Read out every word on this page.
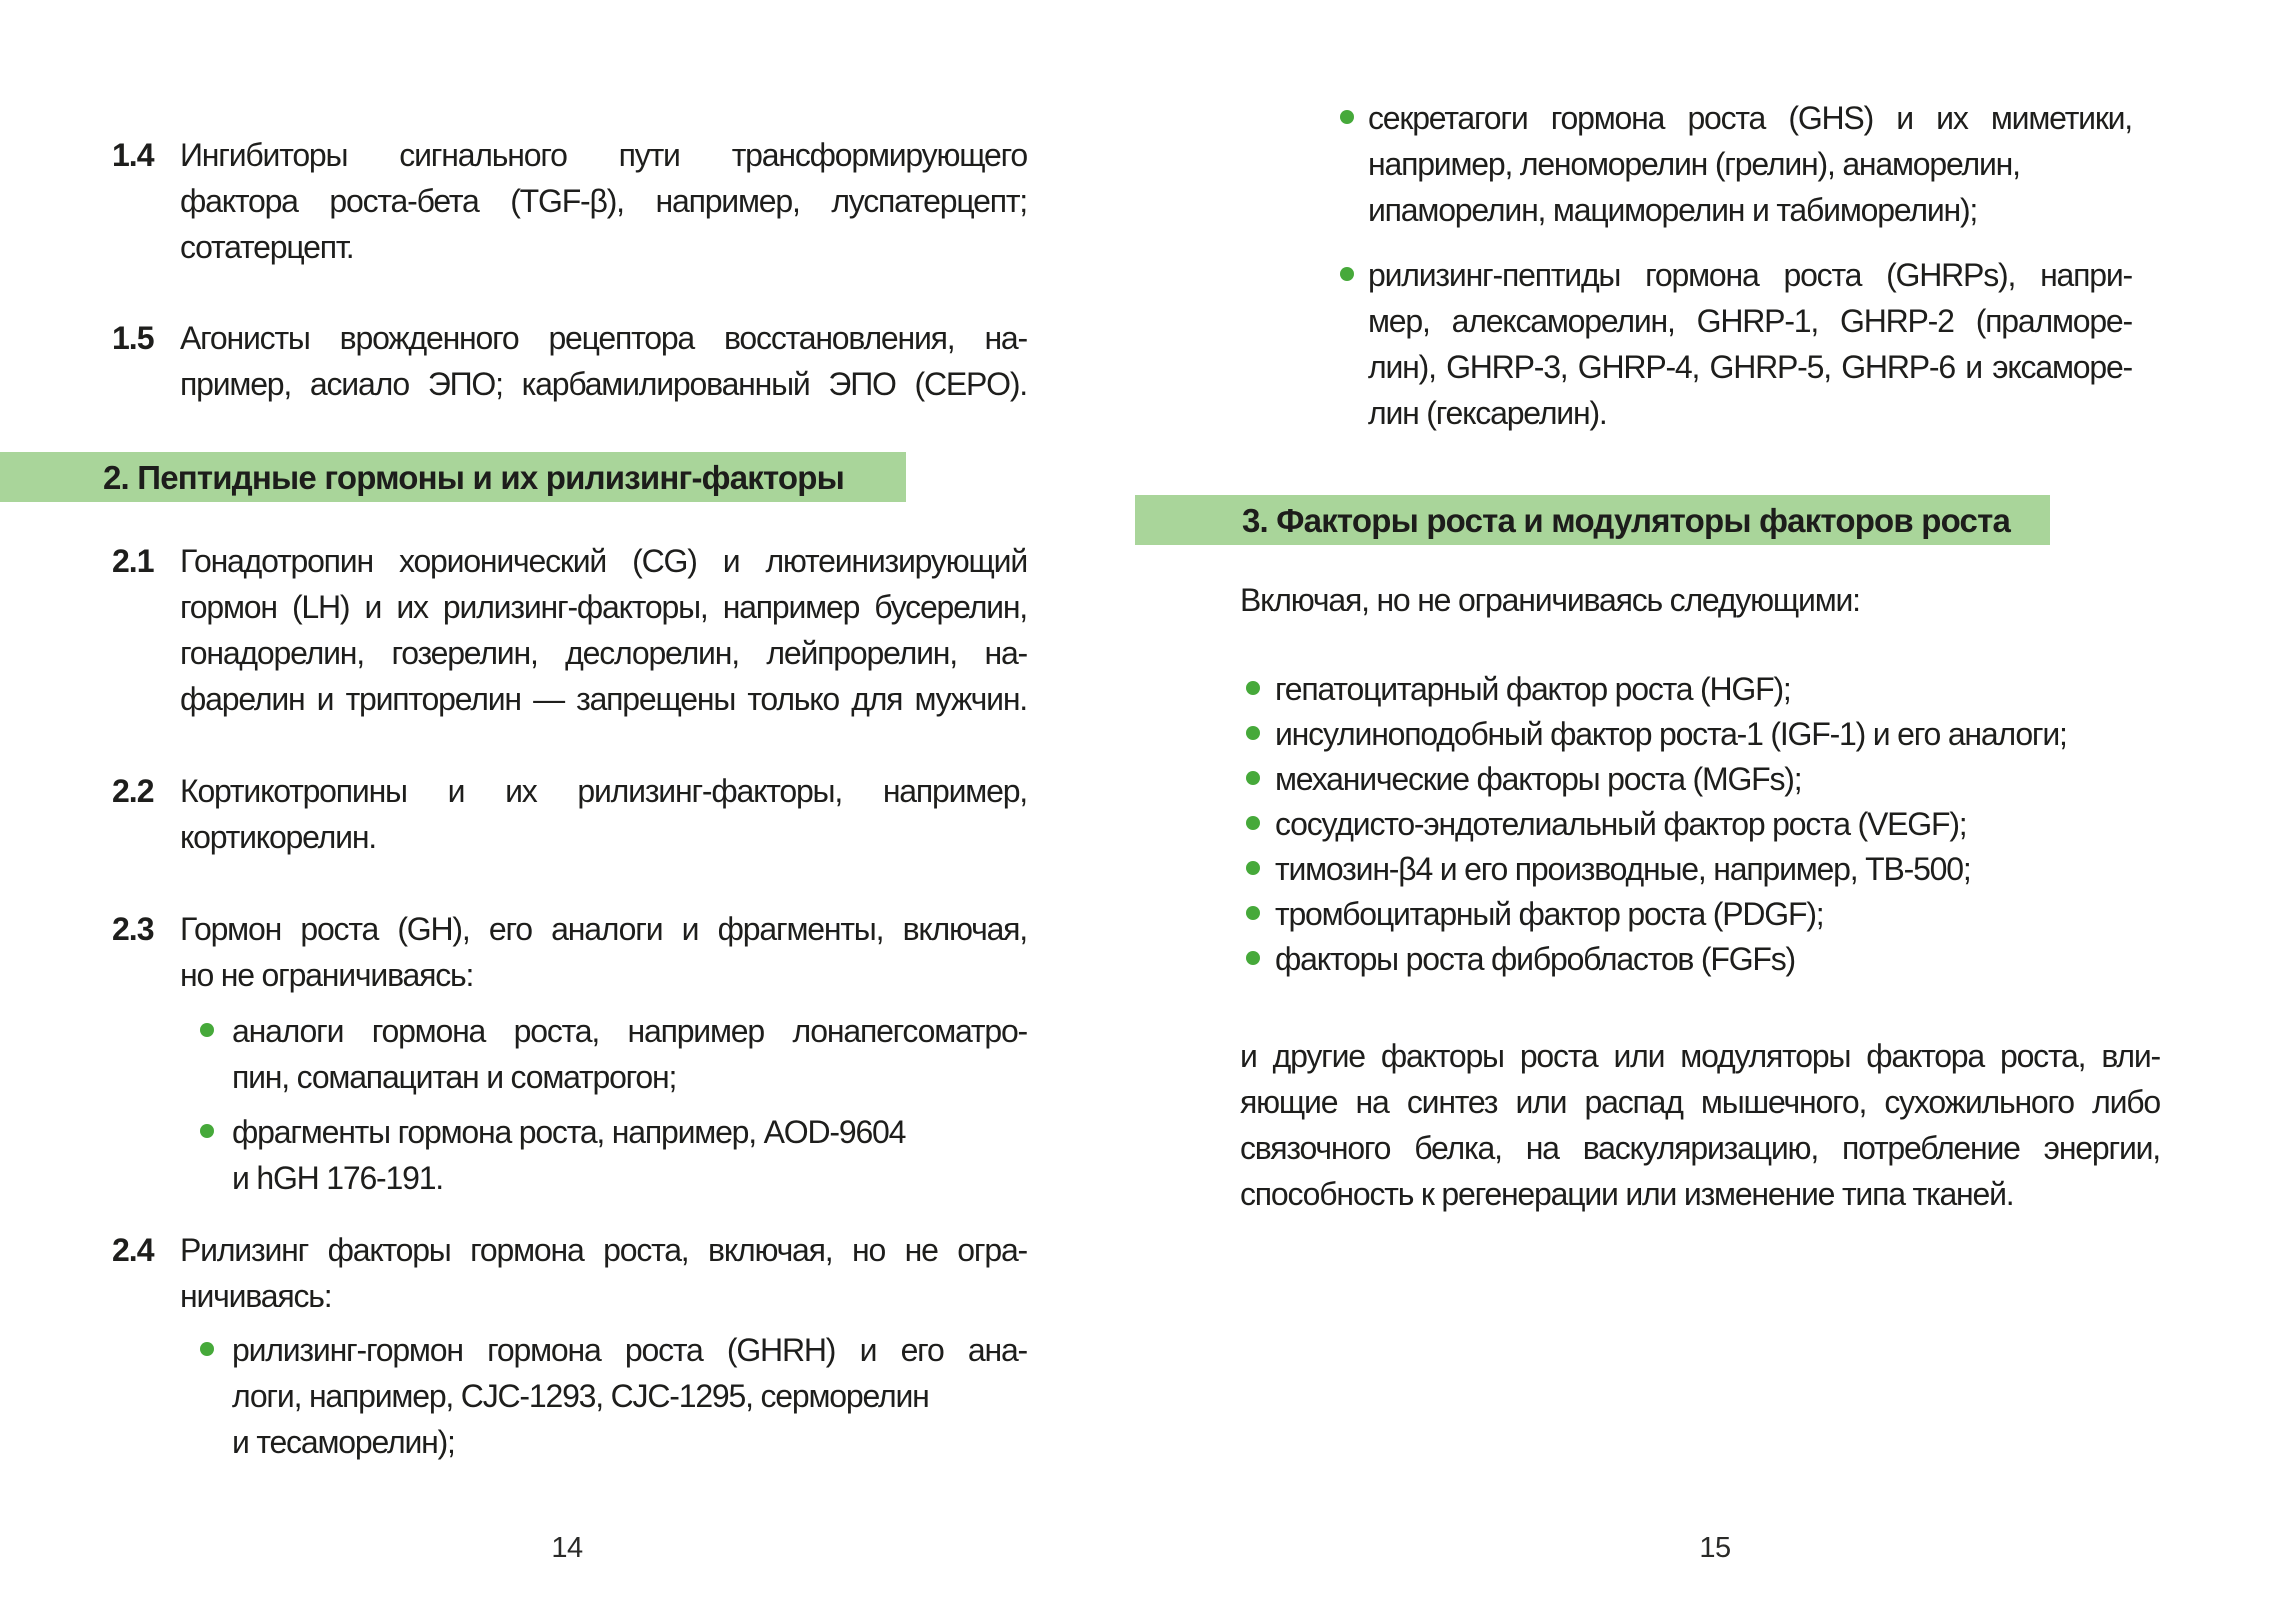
1.4 Ингибиторы сигнального пути трансформирующего
фактора роста-бета (TGF-β), например, луспатерцепт;
сотатерцепт.
1.5 Агонисты врожденного рецептора восстановления, на-
пример, асиало ЭПО; карбамилированный ЭПО (CEPO).
2. Пептидные гормоны и их рилизинг-факторы
2.1 Гонадотропин хорионический (CG) и лютеинизирующий
гормон (LH) и их рилизинг-факторы, например бусерелин,
гонадорелин, гозерелин, деслорелин, лейпрорелин, на-
фарелин и трипторелин — запрещены только для мужчин.
2.2 Кортикотропины и их рилизинг-факторы, например,
кортикорелин.
2.3 Гормон роста (GH), его аналоги и фрагменты, включая,
но не ограничиваясь:
аналоги гормона роста, например лонапегсоматро-
пин, сомапацитан и соматрогон;
фрагменты гормона роста, например, AOD-9604
и hGH 176-191.
2.4 Рилизинг факторы гормона роста, включая, но не огра-
ничиваясь:
рилизинг-гормон гормона роста (GHRH) и его ана-
логи, например, CJC-1293, CJC-1295, серморелин
и тесаморелин);
секретагоги гормона роста (GHS) и их миметики,
например, леноморелин (грелин), анаморелин,
ипаморелин, мациморелин и табиморелин);
рилизинг-пептиды гормона роста (GHRPs), напри-
мер, алексаморелин, GHRP-1, GHRP-2 (пралморе-
лин), GHRP-3, GHRP-4, GHRP-5, GHRP-6 и эксаморе-
лин (гексарелин).
3. Факторы роста и модуляторы факторов роста
Включая, но не ограничиваясь следующими:
гепатоцитарный фактор роста (HGF);
инсулиноподобный фактор роста-1 (IGF-1) и его аналоги;
механические факторы роста (MGFs);
сосудисто-эндотелиальный фактор роста (VEGF);
тимозин-β4 и его производные, например, TB-500;
тромбоцитарный фактор роста (PDGF);
факторы роста фибробластов (FGFs)
и другие факторы роста или модуляторы фактора роста, вли-
яющие на синтез или распад мышечного, сухожильного либо
связочного белка, на васкуляризацию, потребление энергии,
способность к регенерации или изменение типа тканей.
14	15
